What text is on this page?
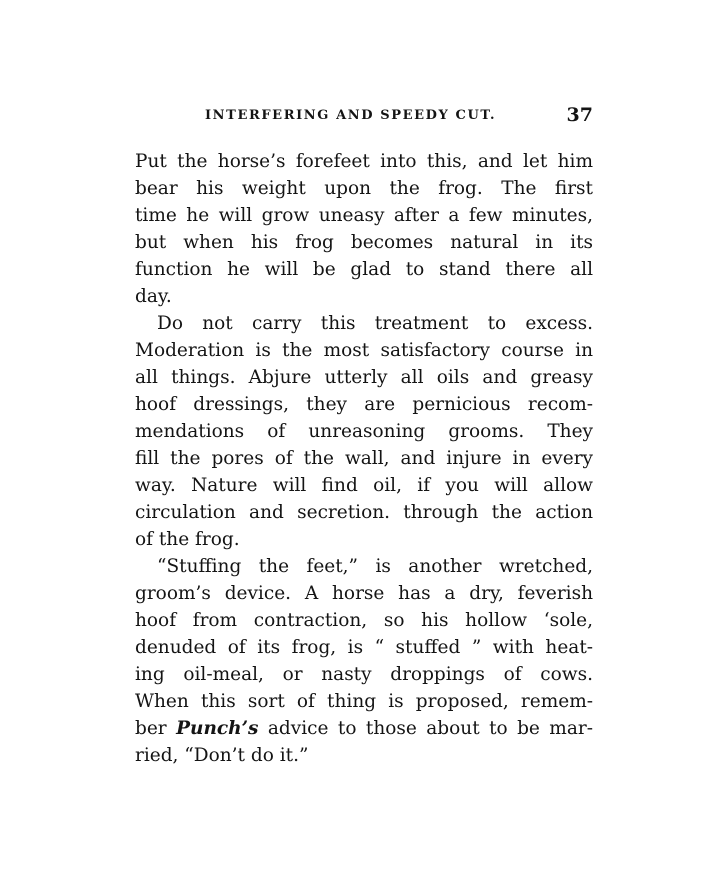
INTERFERING AND SPEEDY CUT.	37
Put the horse’s forefeet into this, and let him
bear his weight upon the frog. The first
time he will grow uneasy after a few minutes,
but when his frog becomes natural in its
function he will be glad to stand there all
day.
Do not carry this treatment to excess.
Moderation is the most satisfactory course in
all things. Abjure utterly all oils and greasy
hoof dressings, they are pernicious recom-
mendations of unreasoning grooms. They
fill the pores of the wall, and injure in every
way. Nature will find oil, if you will allow
circulation and secretion. through the action
of the frog.
“Stuffing the feet,” is another wretched,
groom’s device. A horse has a dry, feverish
hoof from contraction, so his hollow ‘sole,
denuded of its frog, is “ stuffed ” with heat-
ing oil-meal, or nasty droppings of cows.
When this sort of thing is proposed, remem-
ber Punch’s advice to those about to be mar-
ried, “Don’t do it.”
